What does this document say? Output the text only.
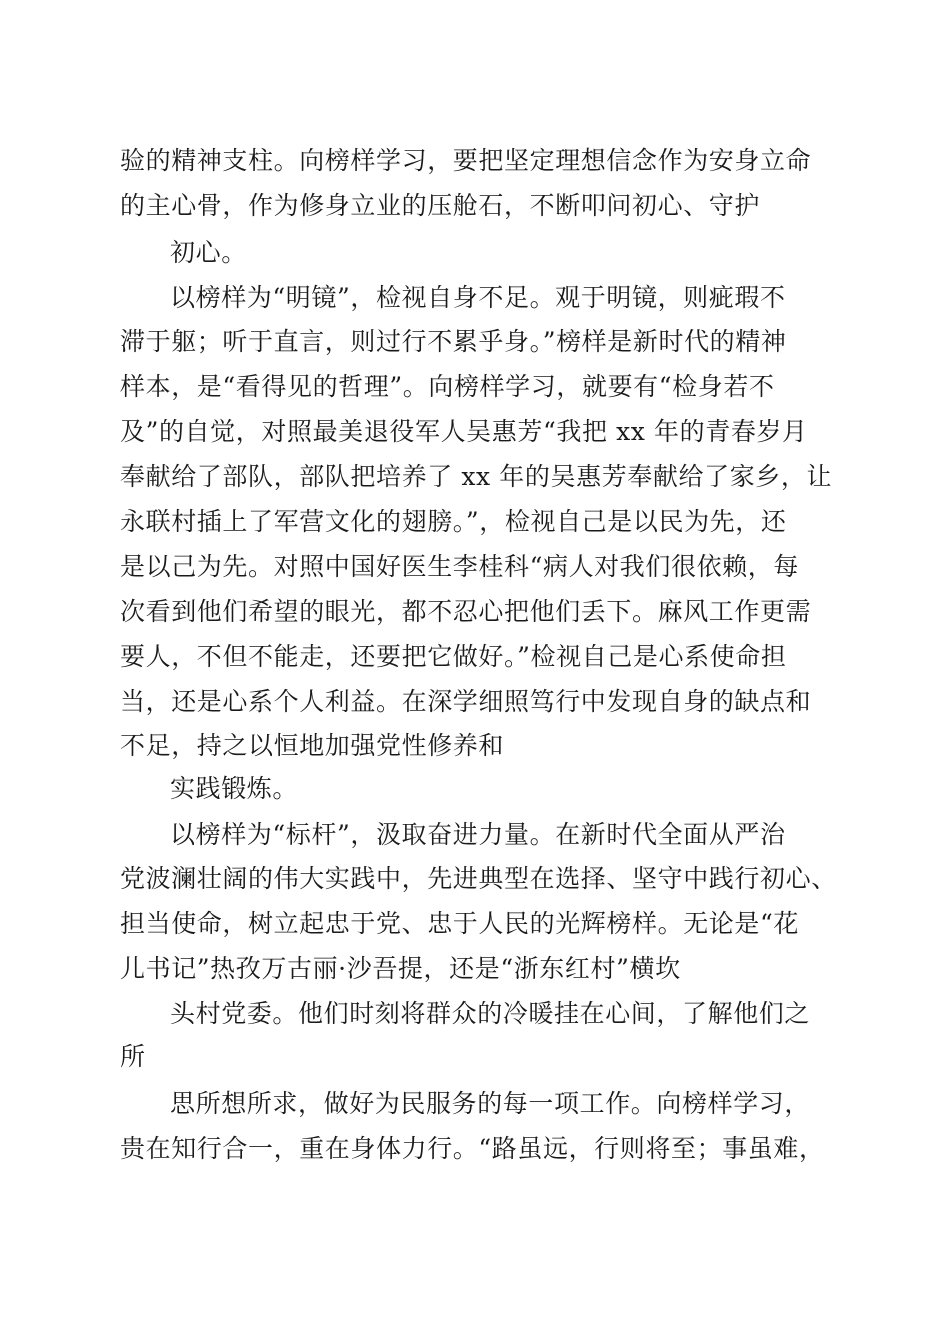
验的精神支柱。向榜样学习，要把坚定理想信念作为安身立命
的主心骨，作为修身立业的压舱石，不断叩问初心、守护
初心。
以榜样为“明镜”，检视自身不足。观于明镜，则疵瑕不
滞于躯；听于直言，则过行不累乎身。”榜样是新时代的精神
样本，是“看得见的哲理”。向榜样学习，就要有“检身若不
及”的自觉，对照最美退役军人吴惠芳“我把 xx 年的青春岁月
奉献给了部队，部队把培养了 xx 年的吴惠芳奉献给了家乡，让
永联村插上了军营文化的翅膀。”，检视自己是以民为先，还
是以己为先。对照中国好医生李桂科“病人对我们很依赖，每
次看到他们希望的眼光，都不忍心把他们丢下。麻风工作更需
要人，不但不能走，还要把它做好。”检视自己是心系使命担
当，还是心系个人利益。在深学细照笃行中发现自身的缺点和
不足，持之以恒地加强党性修养和
实践锻炼。
以榜样为“标杆”，汲取奋进力量。在新时代全面从严治
党波澜壮阔的伟大实践中，先进典型在选择、坚守中践行初心、
担当使命，树立起忠于党、忠于人民的光辉榜样。无论是“花
儿书记”热孜万古丽·沙吾提，还是“浙东红村”横坎
头村党委。他们时刻将群众的冷暖挂在心间，了解他们之
所
思所想所求，做好为民服务的每一项工作。向榜样学习，
贵在知行合一，重在身体力行。“路虽远，行则将至；事虽难，
